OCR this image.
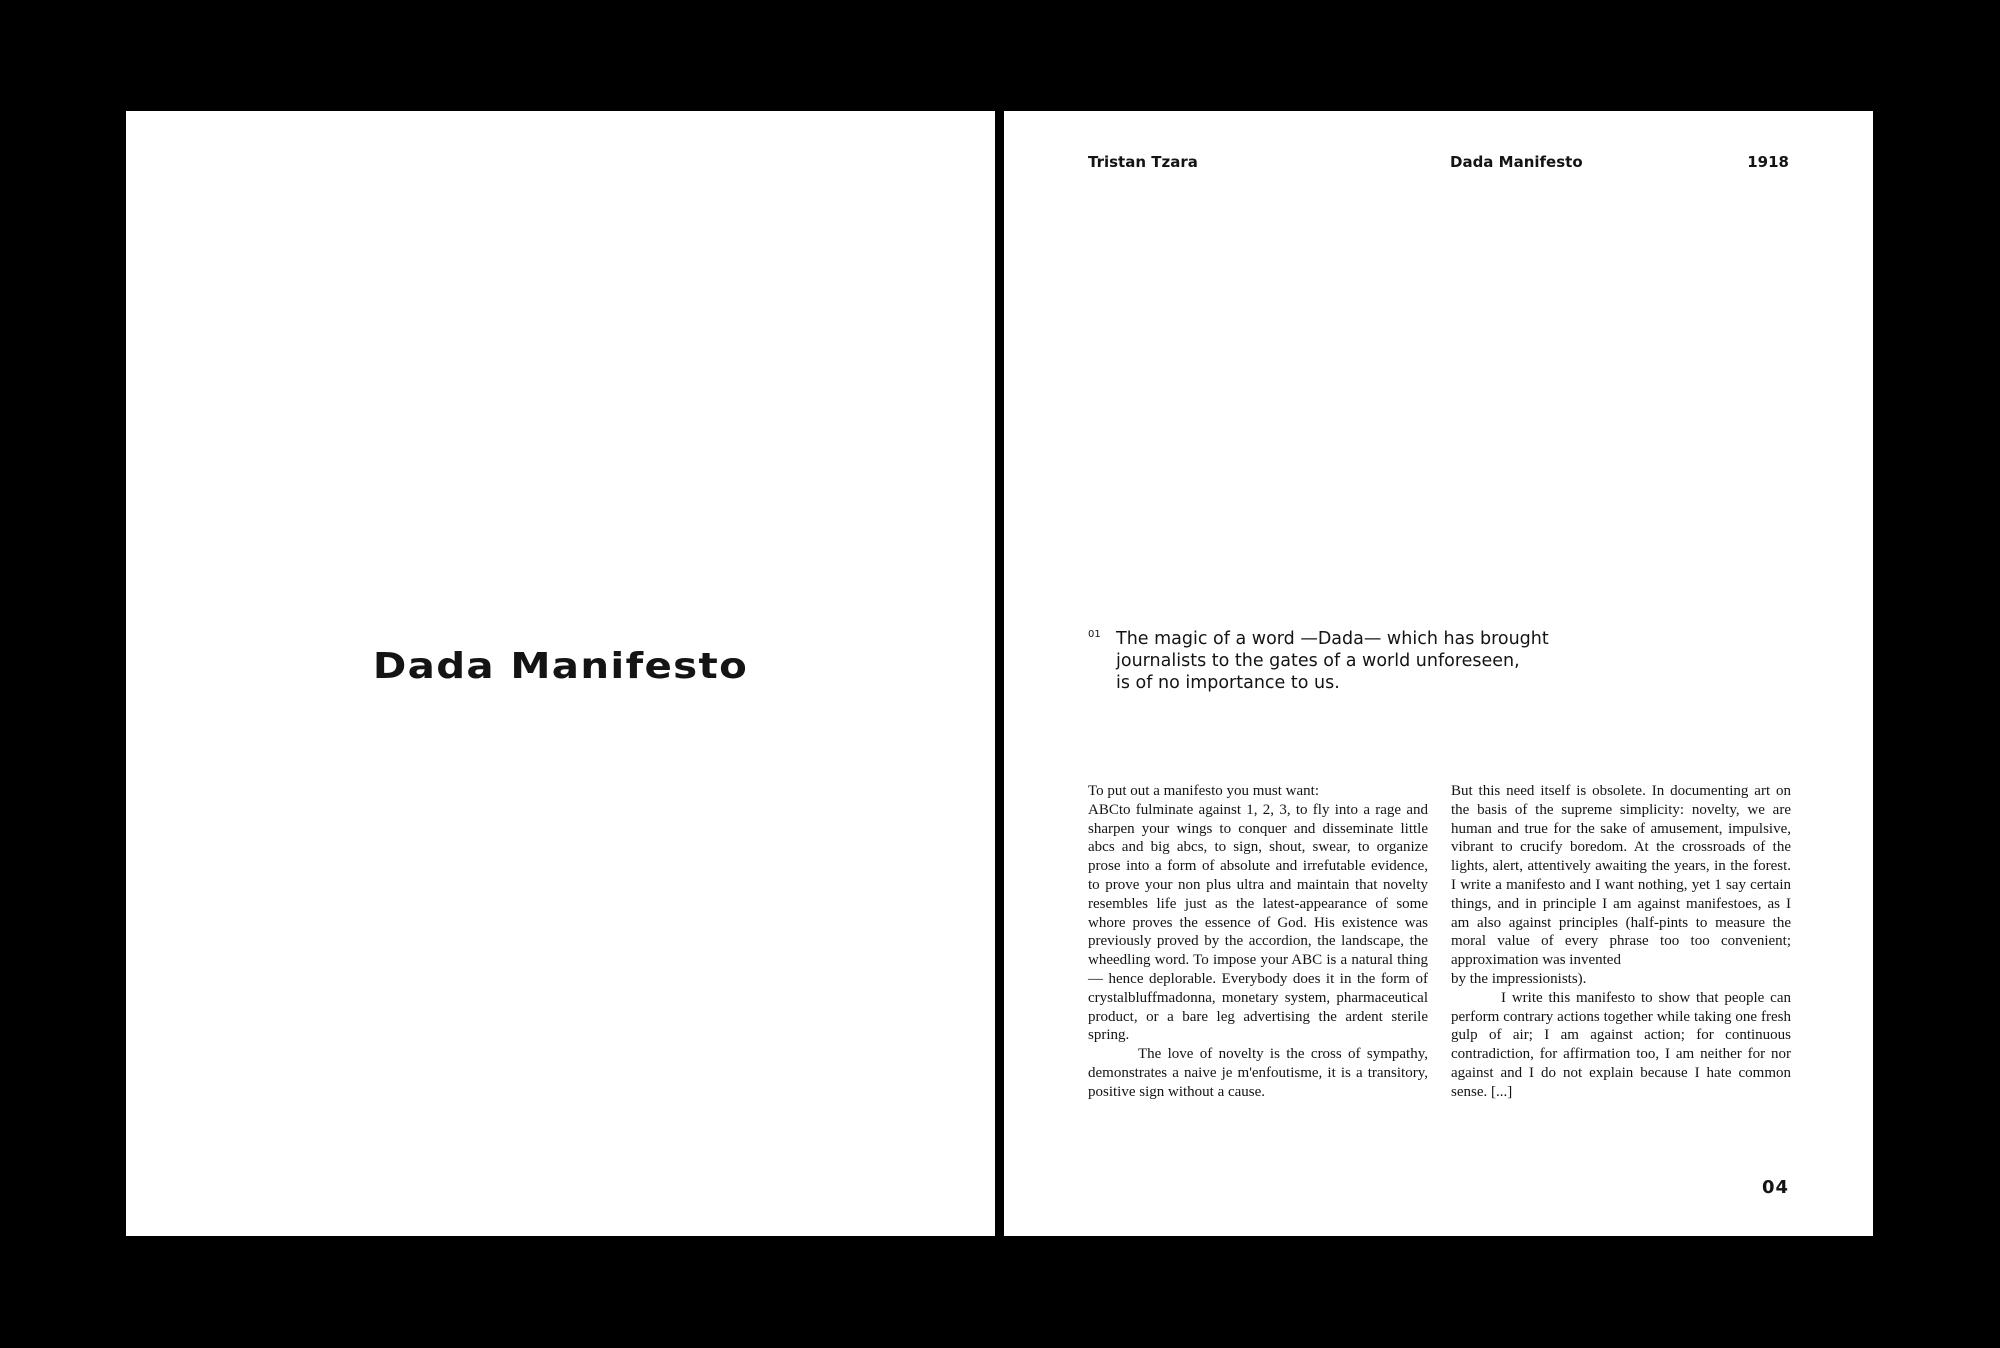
Dada Manifesto
Tristan Tzara	Dada Manifesto	1918
01 The magic of a word —Dada— which has brought
journalists to the gates of a world unforeseen,
is of no importance to us.

To put out a manifesto you must want:
ABCto fulminate against 1, 2, 3, to fly into a rage and sharpen your wings to conquer and disseminate little abcs and big abcs, to sign, shout, swear, to organize prose into a form of absolute and irrefutable evidence, to prove your non plus ultra and maintain that novelty resembles life just as the latest-appearance of some whore proves the essence of God. His existence was previously proved by the accordion, the landscape, the wheedling word. To impose your ABC is a natural thing— hence deplorable. Everybody does it in the form of crystalbluffmadonna, monetary system, pharmaceutical product, or a bare leg advertising the ardent sterile spring.

The love of novelty is the cross of sympathy, demonstrates a naive je m'enfoutisme, it is a transitory, positive sign without a cause.

But this need itself is obsolete. In documenting art on the basis of the supreme simplicity: novelty, we are human and true for the sake of amusement, impulsive, vibrant to crucify boredom. At the crossroads of the lights, alert, attentively awaiting the years, in the forest. I write a manifesto and I want nothing, yet 1 say certain things, and in principle I am against manifestoes, as I am also against principles (half-pints to measure the moral value of every phrase too too convenient; approximation was invented

by the impressionists).

I write this manifesto to show that people can perform contrary actions together while taking one fresh gulp of air; I am against action; for continuous contradiction, for affirmation too, I am neither for nor against and I do not explain because I hate common sense. [...]

04
